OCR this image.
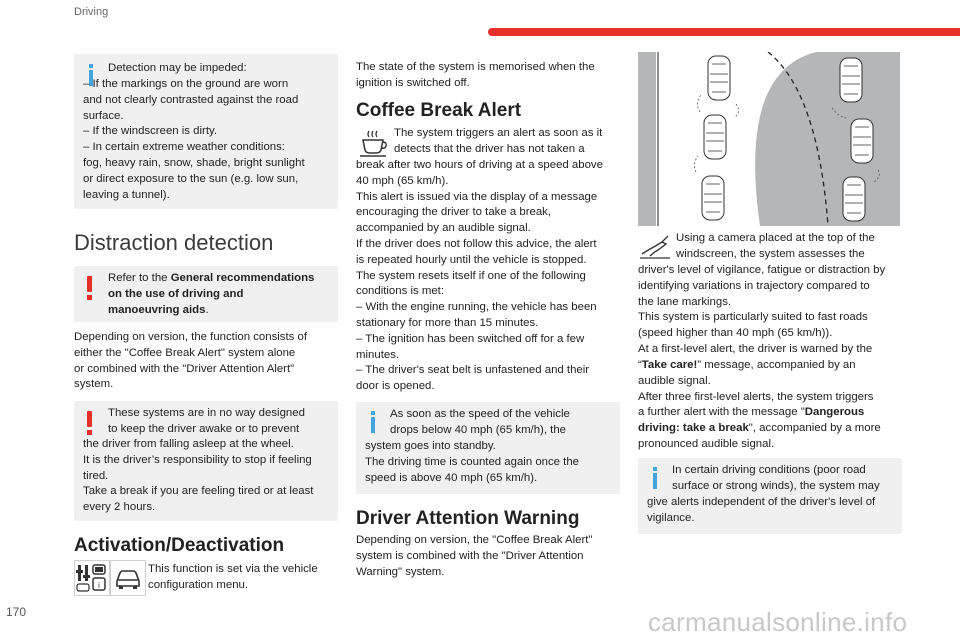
Driving
Detection may be impeded:
– If the markings on the ground are worn
and not clearly contrasted against the road
surface.
– If the windscreen is dirty.
– In certain extreme weather conditions:
fog, heavy rain, snow, shade, bright sunlight
or direct exposure to the sun (e.g. low sun,
leaving a tunnel).
Distraction detection
Refer to the General recommendations
on the use of driving and
manoeuvring aids.
Depending on version, the function consists of
either the "Coffee Break Alert" system alone
or combined with the "Driver Attention Alert"
system.
These systems are in no way designed
to keep the driver awake or to prevent
the driver from falling asleep at the wheel.
It is the driver’s responsibility to stop if feeling
tired.
Take a break if you are feeling tired or at least
every 2 hours.
Activation/Deactivation
i
This function is set via the vehicle
configuration menu.
The state of the system is memorised when the
ignition is switched off.
Coffee Break Alert
The system triggers an alert as soon as it
detects that the driver has not taken a
break after two hours of driving at a speed above
40 mph (65 km/h).
This alert is issued via the display of a message
encouraging the driver to take a break,
accompanied by an audible signal.
If the driver does not follow this advice, the alert
is repeated hourly until the vehicle is stopped.
The system resets itself if one of the following
conditions is met:
– With the engine running, the vehicle has been
stationary for more than 15 minutes.
– The ignition has been switched off for a few
minutes.
– The driver's seat belt is unfastened and their
door is opened.
As soon as the speed of the vehicle
drops below 40 mph (65 km/h), the
system goes into standby.
The driving time is counted again once the
speed is above 40 mph (65 km/h).
Driver Attention Warning
Depending on version, the "Coffee Break Alert"
system is combined with the "Driver Attention
Warning" system.
Using a camera placed at the top of the
windscreen, the system assesses the
driver's level of vigilance, fatigue or distraction by
identifying variations in trajectory compared to
the lane markings.
This system is particularly suited to fast roads
(speed higher than 40 mph (65 km/h)).
At a first-level alert, the driver is warned by the
“Take care!” message, accompanied by an
audible signal.
After three first-level alerts, the system triggers
a further alert with the message "Dangerous
driving: take a break", accompanied by a more
pronounced audible signal.
In certain driving conditions (poor road
surface or strong winds), the system may
give alerts independent of the driver's level of
vigilance.
170	carmanualsonline.info
